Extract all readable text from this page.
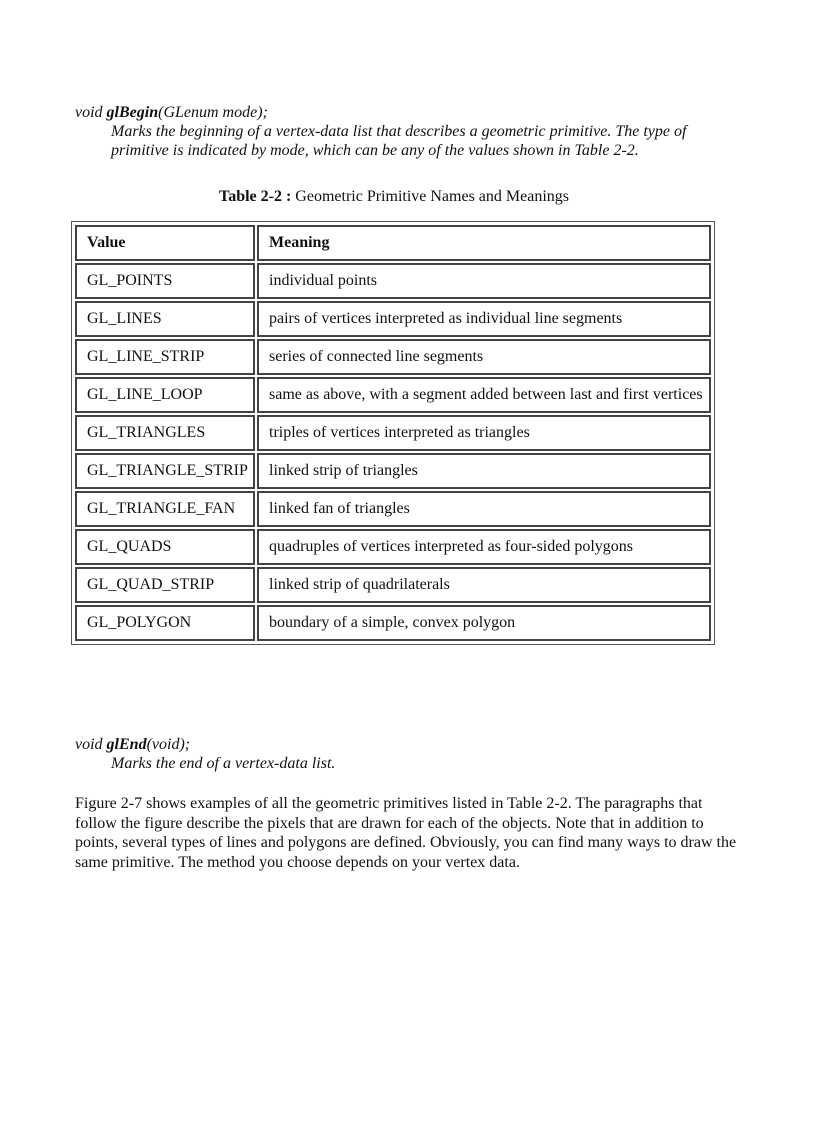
void glBegin(GLenum mode);
Marks the beginning of a vertex-data list that describes a geometric primitive. The type of
primitive is indicated by mode, which can be any of the values shown in Table 2-2.
Table 2-2 : Geometric Primitive Names and Meanings
Value	Meaning
GL_POINTS	individual points
GL_LINES	pairs of vertices interpreted as individual line segments
GL_LINE_STRIP	series of connected line segments
GL_LINE_LOOP	same as above, with a segment added between last and first vertices
GL_TRIANGLES	triples of vertices interpreted as triangles
GL_TRIANGLE_STRIP	linked strip of triangles
GL_TRIANGLE_FAN	linked fan of triangles
GL_QUADS	quadruples of vertices interpreted as four-sided polygons
GL_QUAD_STRIP	linked strip of quadrilaterals
GL_POLYGON	boundary of a simple, convex polygon
void glEnd(void);
Marks the end of a vertex-data list.
Figure 2-7 shows examples of all the geometric primitives listed in Table 2-2. The paragraphs that
follow the figure describe the pixels that are drawn for each of the objects. Note that in addition to
points, several types of lines and polygons are defined. Obviously, you can find many ways to draw the
same primitive. The method you choose depends on your vertex data.
